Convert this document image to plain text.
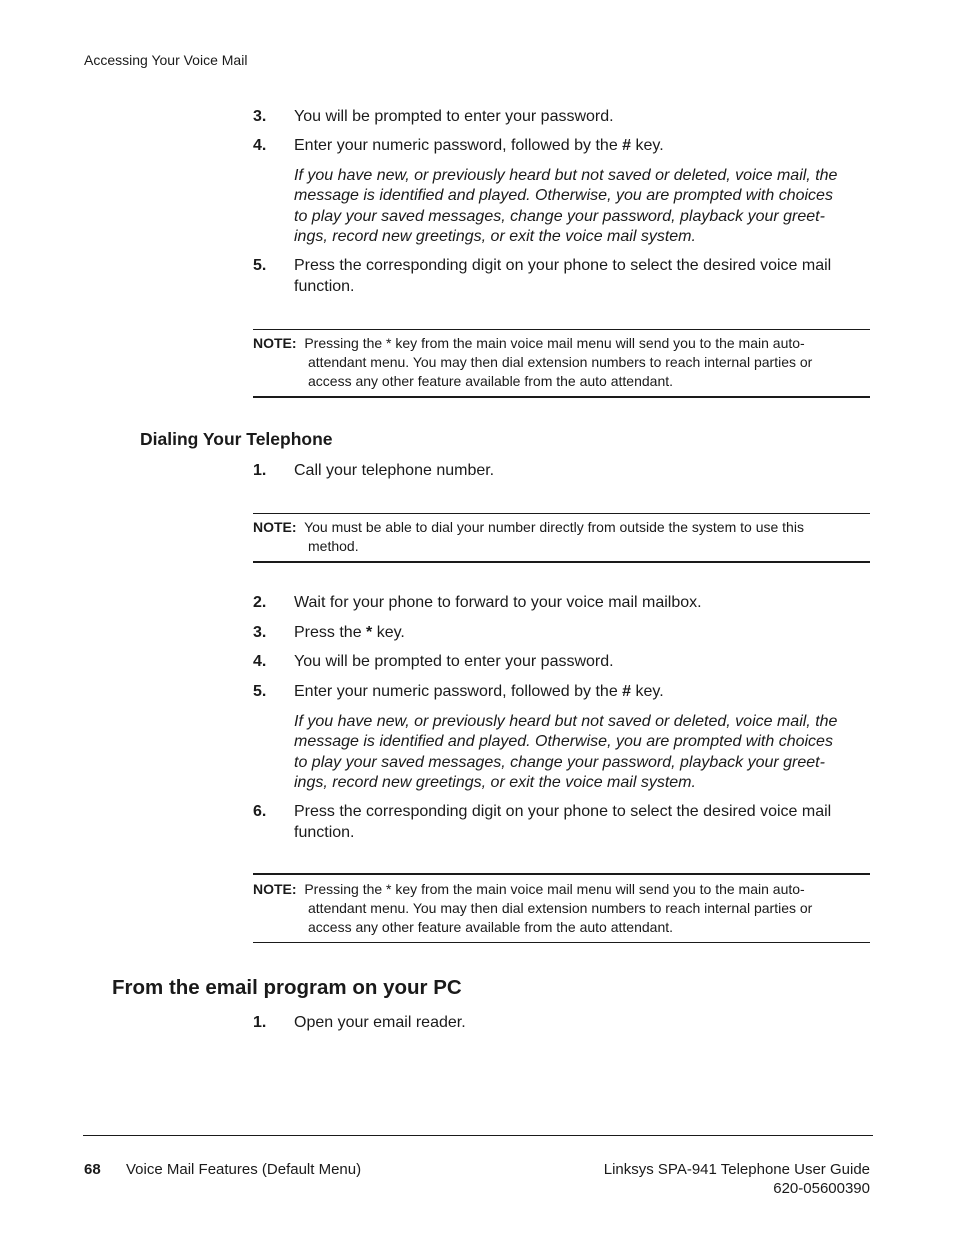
Accessing Your Voice Mail
3. You will be prompted to enter your password.
4. Enter your numeric password, followed by the # key.
If you have new, or previously heard but not saved or deleted, voice mail, the
message is identified and played. Otherwise, you are prompted with choices
to play your saved messages, change your password, playback your greet-
ings, record new greetings, or exit the voice mail system.
5. Press the corresponding digit on your phone to select the desired voice mail function.
NOTE: Pressing the * key from the main voice mail menu will send you to the main auto-
attendant menu. You may then dial extension numbers to reach internal parties or
access any other feature available from the auto attendant.
Dialing Your Telephone
1. Call your telephone number.
NOTE: You must be able to dial your number directly from outside the system to use this
method.
2. Wait for your phone to forward to your voice mail mailbox.
3. Press the * key.
4. You will be prompted to enter your password.
5. Enter your numeric password, followed by the # key.
If you have new, or previously heard but not saved or deleted, voice mail, the
message is identified and played. Otherwise, you are prompted with choices
to play your saved messages, change your password, playback your greet-
ings, record new greetings, or exit the voice mail system.
6. Press the corresponding digit on your phone to select the desired voice mail function.
NOTE: Pressing the * key from the main voice mail menu will send you to the main auto-
attendant menu. You may then dial extension numbers to reach internal parties or
access any other feature available from the auto attendant.
From the email program on your PC
1. Open your email reader.
68 Voice Mail Features (Default Menu)	Linksys SPA-941 Telephone User Guide
620-05600390
